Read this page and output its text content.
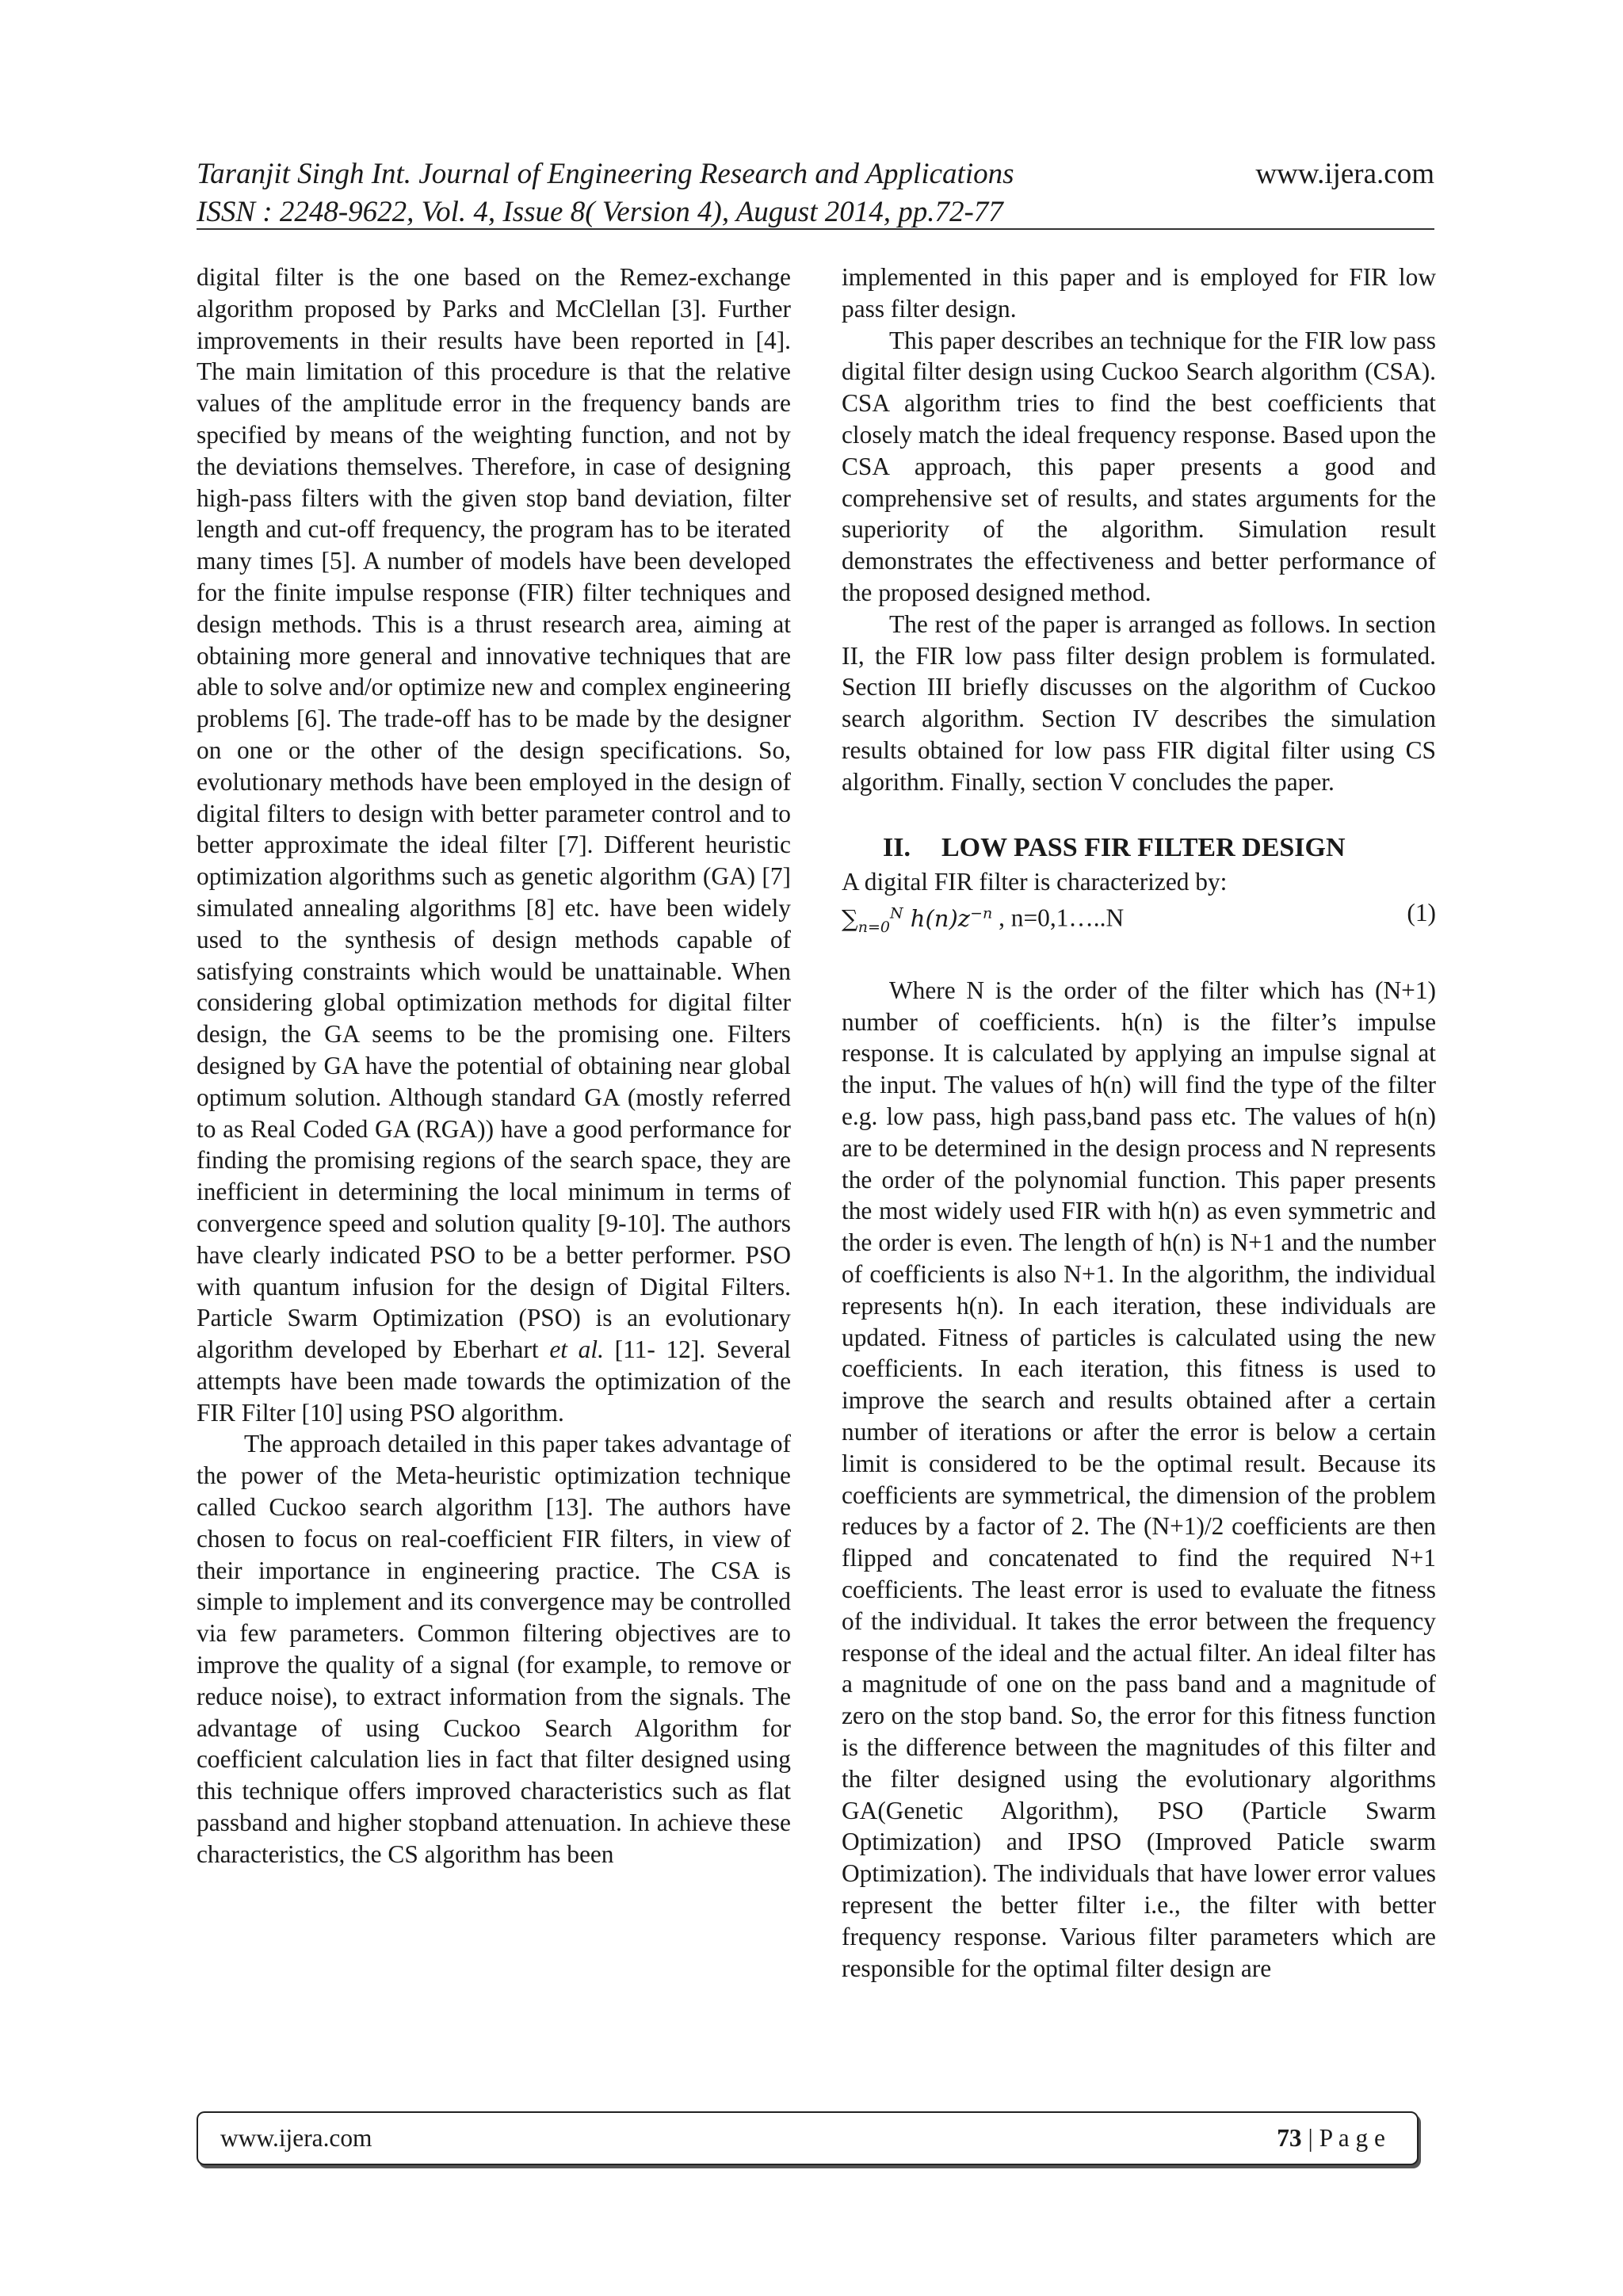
Taranjit Singh Int. Journal of Engineering Research and Applications	www.ijera.com
ISSN : 2248-9622, Vol. 4, Issue 8( Version 4), August 2014, pp.72-77

digital filter is the one based on the Remez-exchange algorithm proposed by Parks and McClellan [3]. Further improvements in their results have been reported in [4]. The main limitation of this procedure is that the relative values of the amplitude error in the frequency bands are specified by means of the weighting function, and not by the deviations themselves. Therefore, in case of designing high-pass filters with the given stop band deviation, filter length and cut-off frequency, the program has to be iterated many times [5]. A number of models have been developed for the finite impulse response (FIR) filter techniques and design methods. This is a thrust research area, aiming at obtaining more general and innovative techniques that are able to solve and/or optimize new and complex engineering problems [6]. The trade-off has to be made by the designer on one or the other of the design specifications. So, evolutionary methods have been employed in the design of digital filters to design with better parameter control and to better approximate the ideal filter [7]. Different heuristic optimization algorithms such as genetic algorithm (GA) [7] simulated annealing algorithms [8] etc. have been widely used to the synthesis of design methods capable of satisfying constraints which would be unattainable. When considering global optimization methods for digital filter design, the GA seems to be the promising one. Filters designed by GA have the potential of obtaining near global optimum solution. Although standard GA (mostly referred to as Real Coded GA (RGA)) have a good performance for finding the promising regions of the search space, they are inefficient in determining the local minimum in terms of convergence speed and solution quality [9-10]. The authors have clearly indicated PSO to be a better performer. PSO with quantum infusion for the design of Digital Filters. Particle Swarm Optimization (PSO) is an evolutionary algorithm developed by Eberhart et al. [11- 12]. Several attempts have been made towards the optimization of the FIR Filter [10] using PSO algorithm.

The approach detailed in this paper takes advantage of the power of the Meta-heuristic optimization technique called Cuckoo search algorithm [13]. The authors have chosen to focus on real-coefficient FIR filters, in view of their importance in engineering practice. The CSA is simple to implement and its convergence may be controlled via few parameters. Common filtering objectives are to improve the quality of a signal (for example, to remove or reduce noise), to extract information from the signals. The advantage of using Cuckoo Search Algorithm for coefficient calculation lies in fact that filter designed using this technique offers improved characteristics such as flat passband and higher stopband attenuation. In achieve these characteristics, the CS algorithm has been

implemented in this paper and is employed for FIR low pass filter design.

This paper describes an technique for the FIR low pass digital filter design using Cuckoo Search algorithm (CSA). CSA algorithm tries to find the best coefficients that closely match the ideal frequency response. Based upon the CSA approach, this paper presents a good and comprehensive set of results, and states arguments for the superiority of the algorithm. Simulation result demonstrates the effectiveness and better performance of the proposed designed method.

The rest of the paper is arranged as follows. In section II, the FIR low pass filter design problem is formulated. Section III briefly discusses on the algorithm of Cuckoo search algorithm. Section IV describes the simulation results obtained for low pass FIR digital filter using CS algorithm. Finally, section V concludes the paper.

II.	LOW PASS FIR FILTER DESIGN

A digital FIR filter is characterized by:

$\sum_{n=0}^N$ $h(n)z^{-n}$ , n=0,1…..N	(1)

Where N is the order of the filter which has (N+1) number of coefficients. h(n) is the filter’s impulse response. It is calculated by applying an impulse signal at the input. The values of h(n) will find the type of the filter e.g. low pass, high pass,band pass etc. The values of h(n) are to be determined in the design process and N represents the order of the polynomial function. This paper presents the most widely used FIR with h(n) as even symmetric and the order is even. The length of h(n) is N+1 and the number of coefficients is also N+1. In the algorithm, the individual represents h(n). In each iteration, these individuals are updated. Fitness of particles is calculated using the new coefficients. In each iteration, this fitness is used to improve the search and results obtained after a certain number of iterations or after the error is below a certain limit is considered to be the optimal result. Because its coefficients are symmetrical, the dimension of the problem reduces by a factor of 2. The (N+1)/2 coefficients are then flipped and concatenated to find the required N+1 coefficients. The least error is used to evaluate the fitness of the individual. It takes the error between the frequency response of the ideal and the actual filter. An ideal filter has a magnitude of one on the pass band and a magnitude of zero on the stop band. So, the error for this fitness function is the difference between the magnitudes of this filter and the filter designed using the evolutionary algorithms GA(Genetic Algorithm), PSO (Particle Swarm Optimization) and IPSO (Improved Paticle swarm Optimization). The individuals that have lower error values represent the better filter i.e., the filter with better frequency response. Various filter parameters which are responsible for the optimal filter design are

www.ijera.com	73 | P a g e
